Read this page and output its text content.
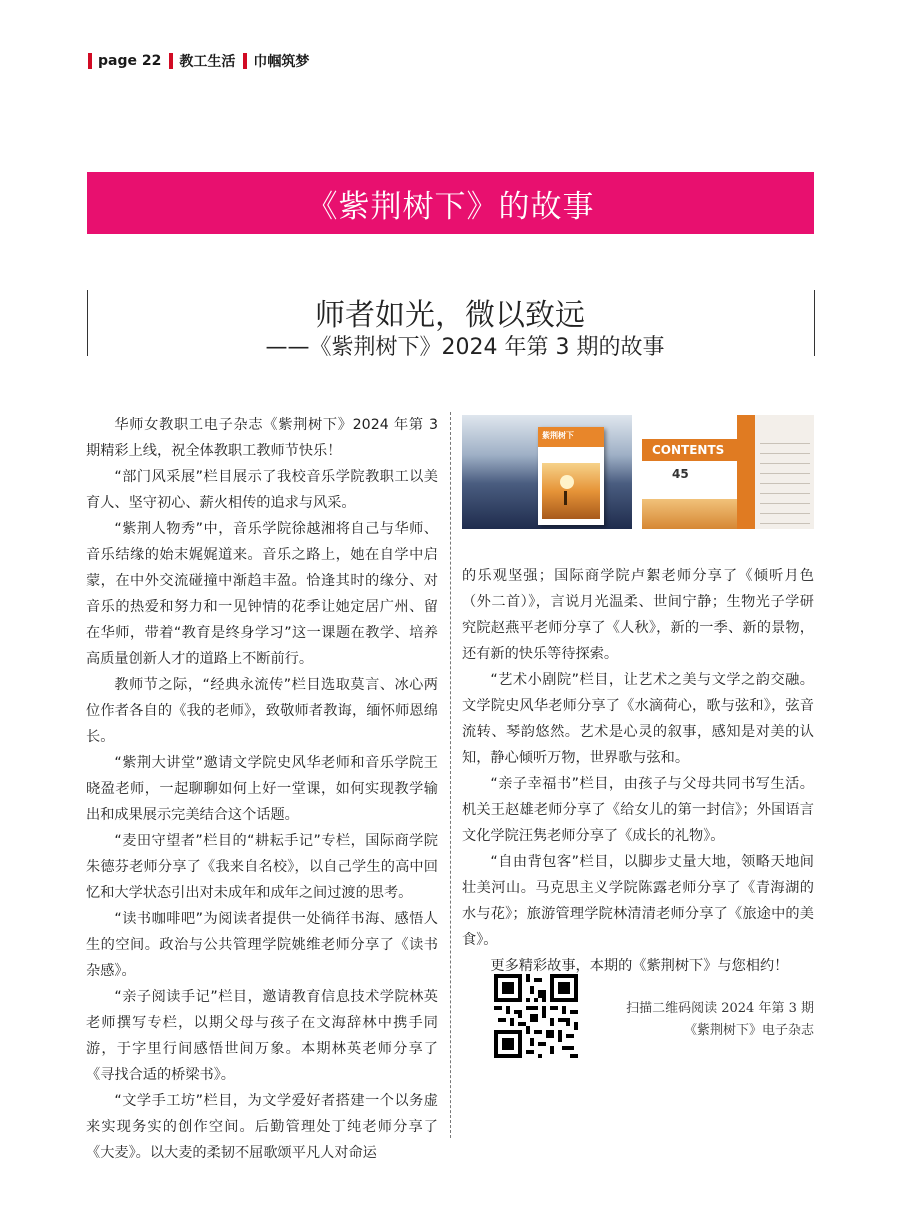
page 22 教工生活 巾帼筑梦
《紫荆树下》的故事
师者如光，微以致远
——《紫荆树下》2024 年第 3 期的故事

华师女教职工电子杂志《紫荆树下》2024 年第 3 期精彩上线，祝全体教职工教师节快乐！

“部门风采展”栏目展示了我校音乐学院教职工以美育人、坚守初心、薪火相传的追求与风采。

“紫荆人物秀”中，音乐学院徐越湘将自己与华师、音乐结缘的始末娓娓道来。音乐之路上，她在自学中启蒙，在中外交流碰撞中渐趋丰盈。恰逢其时的缘分、对音乐的热爱和努力和一见钟情的花季让她定居广州、留在华师，带着“教育是终身学习”这一课题在教学、培养高质量创新人才的道路上不断前行。

教师节之际，“经典永流传”栏目选取莫言、冰心两位作者各自的《我的老师》，致敬师者教诲，缅怀师恩绵长。

“紫荆大讲堂”邀请文学院史风华老师和音乐学院王晓盈老师，一起聊聊如何上好一堂课，如何实现教学输出和成果展示完美结合这个话题。

“麦田守望者”栏目的“耕耘手记”专栏，国际商学院朱德芬老师分享了《我来自名校》，以自己学生的高中回忆和大学状态引出对未成年和成年之间过渡的思考。

“读书咖啡吧”为阅读者提供一处徜徉书海、感悟人生的空间。政治与公共管理学院姚维老师分享了《读书杂感》。

“亲子阅读手记”栏目，邀请教育信息技术学院林英老师撰写专栏，以期父母与孩子在文海辞林中携手同游，于字里行间感悟世间万象。本期林英老师分享了《寻找合适的桥梁书》。

“文学手工坊”栏目，为文学爱好者搭建一个以务虚来实现务实的创作空间。后勤管理处丁纯老师分享了《大麦》。以大麦的柔韧不屈歌颂平凡人对命运

紫荆树下
CONTENTS
45

的乐观坚强；国际商学院卢絮老师分享了《倾听月色（外二首）》，言说月光温柔、世间宁静；生物光子学研究院赵燕平老师分享了《人秋》，新的一季、新的景物，还有新的快乐等待探索。

“艺术小剧院”栏目，让艺术之美与文学之韵交融。文学院史风华老师分享了《水滴荷心，歌与弦和》，弦音流转、琴韵悠然。艺术是心灵的叙事，感知是对美的认知，静心倾听万物，世界歌与弦和。

“亲子幸福书”栏目，由孩子与父母共同书写生活。机关王赵雄老师分享了《给女儿的第一封信》；外国语言文化学院汪隽老师分享了《成长的礼物》。

“自由背包客”栏目，以脚步丈量大地，领略天地间壮美河山。马克思主义学院陈露老师分享了《青海湖的水与花》；旅游管理学院林清清老师分享了《旅途中的美食》。

更多精彩故事，本期的《紫荆树下》与您相约！

扫描二维码阅读 2024 年第 3 期
《紫荆树下》电子杂志
